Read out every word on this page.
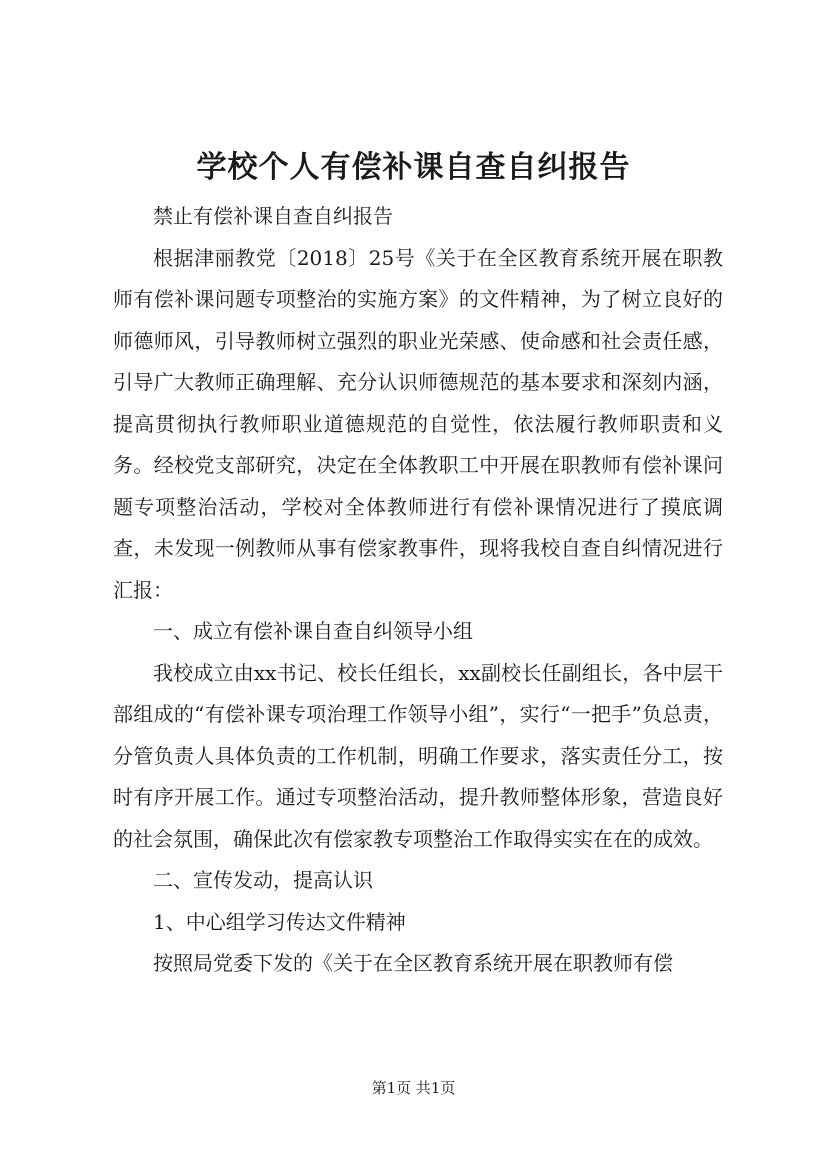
学校个人有偿补课自查自纠报告

禁止有偿补课自查自纠报告

根据津丽教党〔2018〕25号《关于在全区教育系统开展在职教师有偿补课问题专项整治的实施方案》的文件精神，为了树立良好的师德师风，引导教师树立强烈的职业光荣感、使命感和社会责任感，引导广大教师正确理解、充分认识师德规范的基本要求和深刻内涵，提高贯彻执行教师职业道德规范的自觉性，依法履行教师职责和义务。经校党支部研究，决定在全体教职工中开展在职教师有偿补课问题专项整治活动，学校对全体教师进行有偿补课情况进行了摸底调查，未发现一例教师从事有偿家教事件，现将我校自查自纠情况进行汇报：

一、成立有偿补课自查自纠领导小组

我校成立由xx书记、校长任组长，xx副校长任副组长，各中层干部组成的“有偿补课专项治理工作领导小组”，实行“一把手”负总责，分管负责人具体负责的工作机制，明确工作要求，落实责任分工，按时有序开展工作。通过专项整治活动，提升教师整体形象，营造良好的社会氛围，确保此次有偿家教专项整治工作取得实实在在的成效。

二、宣传发动，提高认识

1、中心组学习传达文件精神

按照局党委下发的《关于在全区教育系统开展在职教师有偿

第1页 共1页
